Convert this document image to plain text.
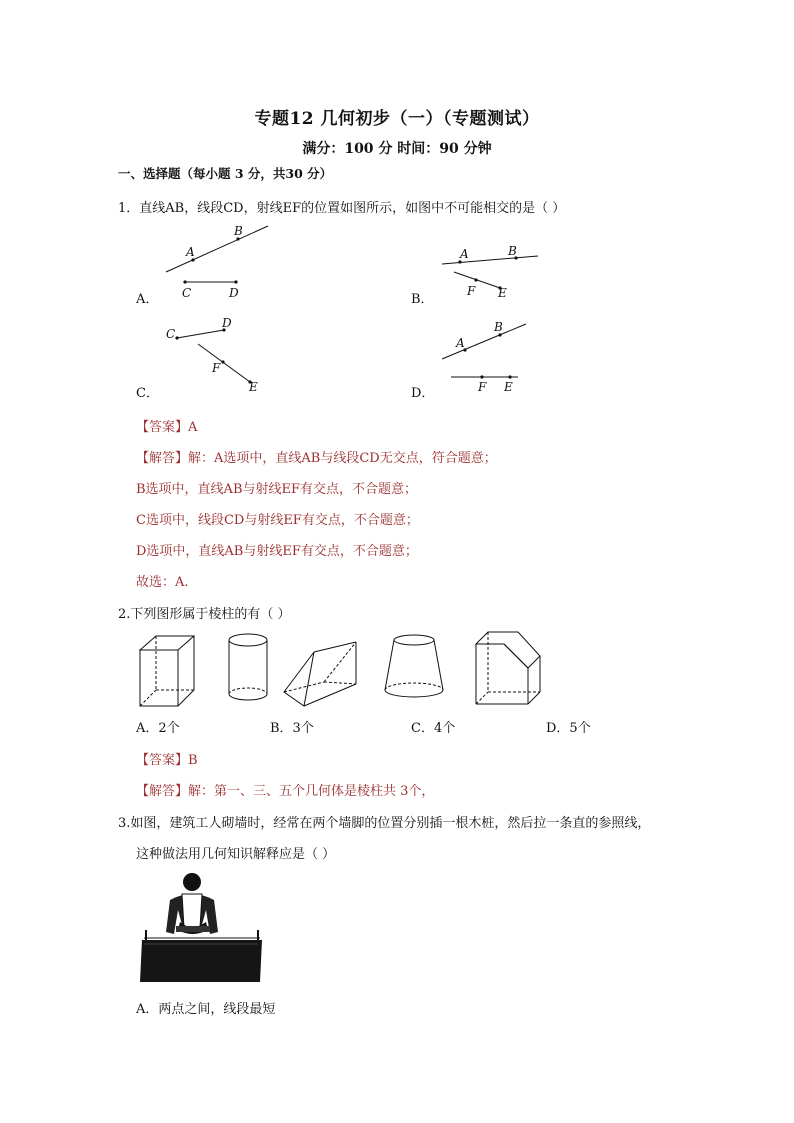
专题12 几何初步（一）（专题测试）
满分：100 分 时间：90 分钟
一、选择题（每小题 3 分，共30 分）
1．直线AB，线段CD，射线EF的位置如图所示，如图中不可能相交的是（ ）
A．
A
B
C	D	B．
A	B
F E
C．
C
D
F
E	D．
A
B
F E
【答案】A
【解答】解：A选项中，直线AB与线段CD无交点，符合题意；
B选项中，直线AB与射线EF有交点，不合题意；
C选项中，线段CD与射线EF有交点，不合题意；
D选项中，直线AB与射线EF有交点，不合题意；
故选：A.
2.下列图形属于棱柱的有（ ）
A．2个	B．3个	C．4个	D．5个
【答案】B
【解答】解：第一、三、五个几何体是棱柱共 3个，
3.如图，建筑工人砌墙时，经常在两个墙脚的位置分别插一根木桩，然后拉一条直的参照线，
这种做法用几何知识解释应是（ ）
A．两点之间，线段最短
